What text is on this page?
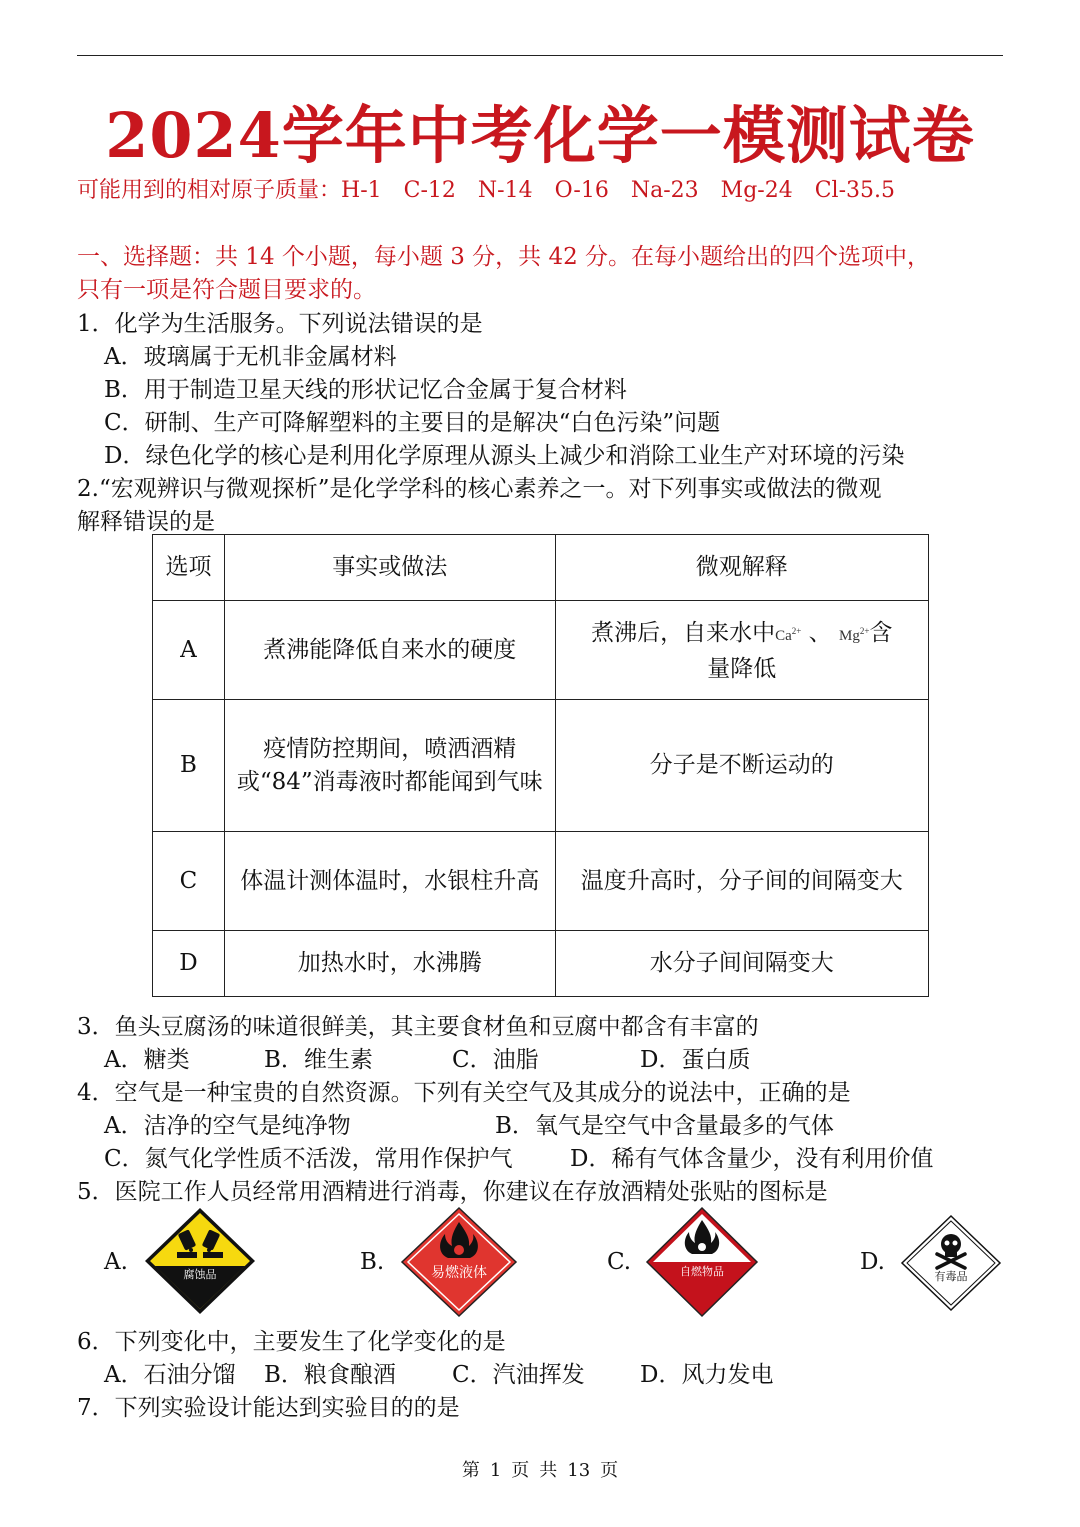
2024学年中考化学一模测试卷
可能用到的相对原子质量：H-1 C-12 N-14 O-16 Na-23 Mg-24 Cl-35.5
一、选择题：共 14 个小题，每小题 3 分，共 42 分。在每小题给出的四个选项中，
只有一项是符合题目要求的。
1．化学为生活服务。下列说法错误的是
A．玻璃属于无机非金属材料
B．用于制造卫星天线的形状记忆合金属于复合材料
C．研制、生产可降解塑料的主要目的是解决“白色污染”问题
D．绿色化学的核心是利用化学原理从源头上减少和消除工业生产对环境的污染
2.“宏观辨识与微观探析”是化学学科的核心素养之一。对下列事实或做法的微观
解释错误的是
选项	事实或做法	微观解释
A	煮沸能降低自来水的硬度	煮沸后，自来水中$Ca^{2+}$ 、 $Mg^{2+}$含
量降低
B	疫情防控期间，喷洒酒精或“84”消毒液时都能闻到气味	分子是不断运动的
C	体温计测体温时，水银柱升高	温度升高时，分子间的间隔变大
D	加热水时，水沸腾	水分子间间隔变大
3．鱼头豆腐汤的味道很鲜美，其主要食材鱼和豆腐中都含有丰富的
A．糖类	B．维生素	C．油脂	D．蛋白质
4．空气是一种宝贵的自然资源。下列有关空气及其成分的说法中，正确的是
A．洁净的空气是纯净物	B．氧气是空气中含量最多的气体
C．氮气化学性质不活泼，常用作保护气 D．稀有气体含量少，没有利用价值
5．医院工作人员经常用酒精进行消毒，你建议在存放酒精处张贴的图标是
A.	腐蚀品	B.	易燃液体	C.	自燃物品	D.
有毒品
6．下列变化中，主要发生了化学变化的是
A．石油分馏 B．粮食酿酒 C．汽油挥发 D．风力发电
7．下列实验设计能达到实验目的的是
第 1 页 共 13 页
